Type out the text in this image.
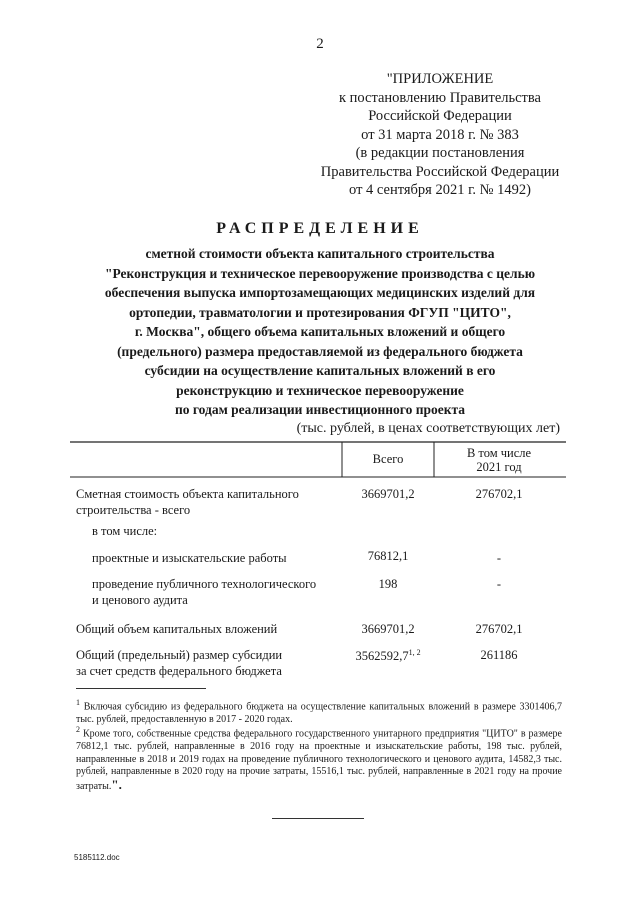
2
"ПРИЛОЖЕНИЕ
к постановлению Правительства
Российской Федерации
от 31 марта 2018 г. № 383
(в редакции постановления
Правительства Российской Федерации
от 4 сентября 2021 г. № 1492)
РАСПРЕДЕЛЕНИЕ
сметной стоимости объекта капитального строительства
"Реконструкция и техническое перевооружение производства с целью
обеспечения выпуска импортозамещающих медицинских изделий для
ортопедии, травматологии и протезирования ФГУП "ЦИТО",
г. Москва", общего объема капитальных вложений и общего
(предельного) размера предоставляемой из федерального бюджета
субсидии на осуществление капитальных вложений в его
реконструкцию и техническое перевооружение
по годам реализации инвестиционного проекта
(тыс. рублей, в ценах соответствующих лет)
Всего	В том числе
2021 год
Сметная стоимость объекта капитального
строительства - всего
3669701,2	276702,1
в том числе:
проектные и изыскательские работы	76812,1	-
проведение публичного технологического
и ценового аудита
198	-
Общий объем капитальных вложений	3669701,2	276702,1
Общий (предельный) размер субсидии
за счет средств федерального бюджета
3562592,7$^{1, 2}$	261186
$^1$ Включая субсидию из федерального бюджета на осуществление капитальных вложений в размере 3301406,7 тыс. рублей, предоставленную в 2017 - 2020 годах.
$^2$ Кроме того, собственные средства федерального государственного унитарного предприятия "ЦИТО" в размере 76812,1 тыс. рублей, направленные в 2016 году на проектные и изыскательские работы, 198 тыс. рублей, направленные в 2018 и 2019 годах на проведение публичного технологического и ценового аудита, 14582,3 тыс. рублей, направленные в 2020 году на прочие затраты, 15516,1 тыс. рублей, направленные в 2021 году на прочие затраты.".
5185112.doc
